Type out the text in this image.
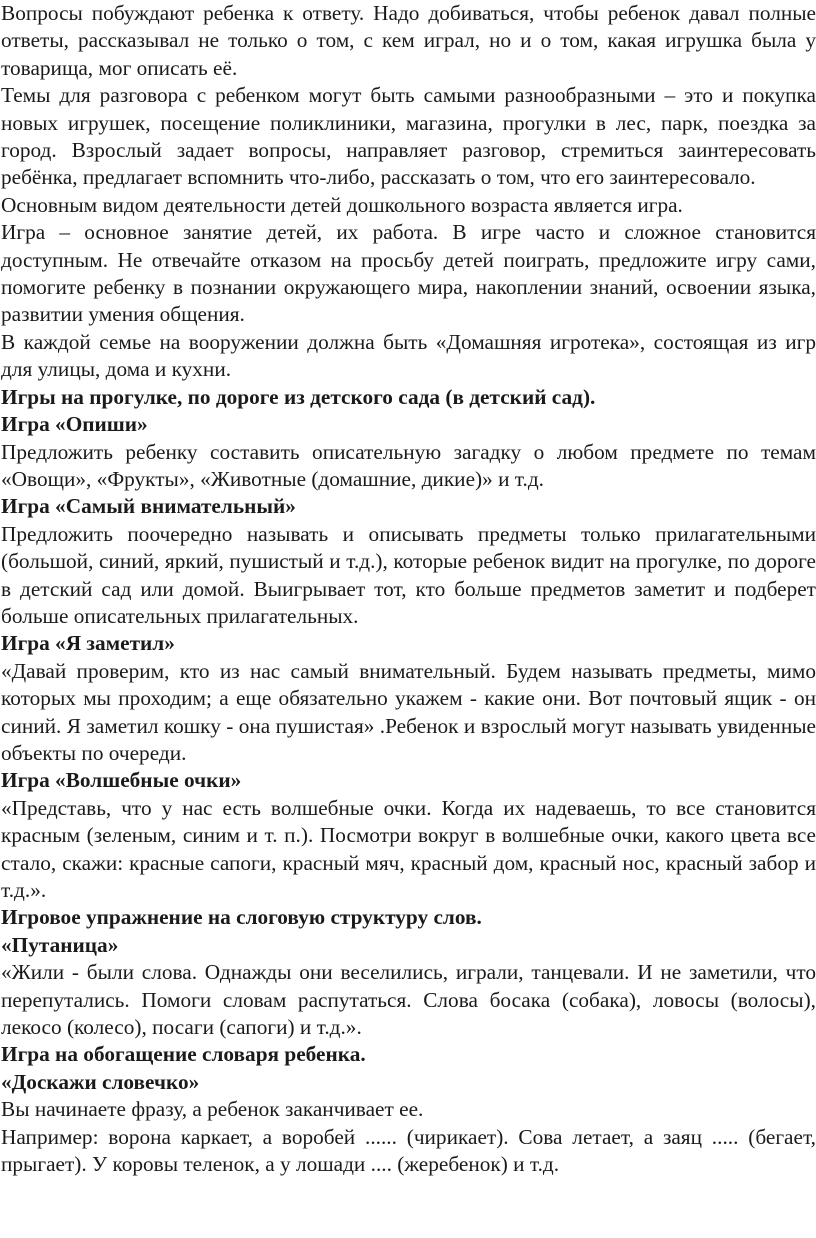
Вопросы побуждают ребенка к ответу. Надо добиваться, чтобы ребенок давал полные ответы, рассказывал не только о том, с кем играл, но и о том, какая игрушка была у товарища, мог описать её.

Темы для разговора с ребенком могут быть самыми разнообразными – это и покупка новых игрушек, посещение поликлиники, магазина, прогулки в лес, парк, поездка за город. Взрослый задает вопросы, направляет разговор, стремиться заинтересовать ребёнка, предлагает вспомнить что-либо, рассказать о том, что его заинтересовало.

Основным видом деятельности детей дошкольного возраста является игра.

Игра – основное занятие детей, их работа. В игре часто и сложное становится доступным. Не отвечайте отказом на просьбу детей поиграть, предложите игру сами, помогите ребенку в познании окружающего мира, накоплении знаний, освоении языка, развитии умения общения.

В каждой семье на вооружении должна быть «Домашняя игротека», состоящая из игр для улицы, дома и кухни.

Игры на прогулке, по дороге из детского сада (в детский сад).

Игра «Опиши»

Предложить ребенку составить описательную загадку о любом предмете по темам «Овощи», «Фрукты», «Животные (домашние, дикие)» и т.д.

Игра «Самый внимательный»

Предложить поочередно называть и описывать предметы только прилагательными (большой, синий, яркий, пушистый и т.д.), которые ребенок видит на прогулке, по дороге в детский сад или домой. Выигрывает тот, кто больше предметов заметит и подберет больше описательных прилагательных.

Игра «Я заметил»

«Давай проверим, кто из нас самый внимательный. Будем называть предметы, мимо которых мы проходим; а еще обязательно укажем - какие они. Вот почтовый ящик - он синий. Я заметил кошку - она пушистая» .Ребенок и взрослый могут называть увиденные объекты по очереди.

Игра «Волшебные очки»

«Представь, что у нас есть волшебные очки. Когда их надеваешь, то все становится красным (зеленым, синим и т. п.). Посмотри вокруг в волшебные очки, какого цвета все стало, скажи: красные сапоги, красный мяч, красный дом, красный нос, красный забор и т.д.».

Игровое упражнение на слоговую структуру слов.

«Путаница»

«Жили - были слова. Однажды они веселились, играли, танцевали. И не заметили, что перепутались. Помоги словам распутаться. Слова босака (собака), ловосы (волосы), лекосо (колесо), посаги (сапоги) и т.д.».

Игра на обогащение словаря ребенка.

«Доскажи словечко»

Вы начинаете фразу, а ребенок заканчивает ее.

Например: ворона каркает, а воробей ...... (чирикает). Сова летает, а заяц ..... (бегает, прыгает). У коровы теленок, а у лошади .... (жеребенок) и т.д.
